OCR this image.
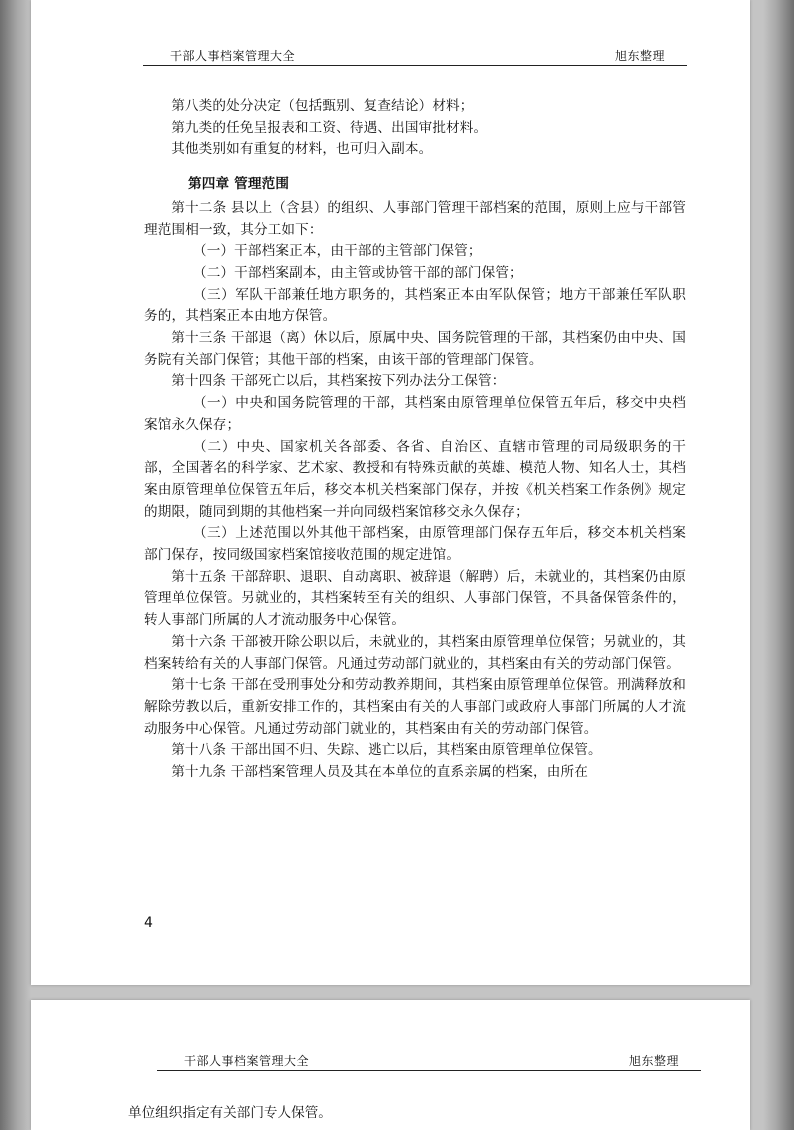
干部人事档案管理大全	旭东整理

第八类的处分决定（包括甄别、复查结论）材料；

第九类的任免呈报表和工资、待遇、出国审批材料。

其他类别如有重复的材料，也可归入副本。

第四章 管理范围

第十二条 县以上（含县）的组织、人事部门管理干部档案的范围，原则上应与干部管理范围相一致，其分工如下：

（一）干部档案正本，由干部的主管部门保管；

（二）干部档案副本，由主管或协管干部的部门保管；

（三）军队干部兼任地方职务的，其档案正本由军队保管；地方干部兼任军队职务的，其档案正本由地方保管。

第十三条 干部退（离）休以后，原属中央、国务院管理的干部，其档案仍由中央、国务院有关部门保管；其他干部的档案，由该干部的管理部门保管。

第十四条 干部死亡以后，其档案按下列办法分工保管：

（一）中央和国务院管理的干部，其档案由原管理单位保管五年后，移交中央档案馆永久保存；

（二）中央、国家机关各部委、各省、自治区、直辖市管理的司局级职务的干部，全国著名的科学家、艺术家、教授和有特殊贡献的英雄、模范人物、知名人士，其档案由原管理单位保管五年后，移交本机关档案部门保存，并按《机关档案工作条例》规定的期限，随同到期的其他档案一并向同级档案馆移交永久保存；

（三）上述范围以外其他干部档案，由原管理部门保存五年后，移交本机关档案部门保存，按同级国家档案馆接收范围的规定进馆。

第十五条 干部辞职、退职、自动离职、被辞退（解聘）后，未就业的，其档案仍由原管理单位保管。另就业的，其档案转至有关的组织、人事部门保管，不具备保管条件的，转人事部门所属的人才流动服务中心保管。

第十六条 干部被开除公职以后，未就业的，其档案由原管理单位保管；另就业的，其档案转给有关的人事部门保管。凡通过劳动部门就业的，其档案由有关的劳动部门保管。

第十七条 干部在受刑事处分和劳动教养期间，其档案由原管理单位保管。刑满释放和解除劳教以后，重新安排工作的，其档案由有关的人事部门或政府人事部门所属的人才流动服务中心保管。凡通过劳动部门就业的，其档案由有关的劳动部门保管。

第十八条 干部出国不归、失踪、逃亡以后，其档案由原管理单位保管。

第十九条 干部档案管理人员及其在本单位的直系亲属的档案，由所在

4
干部人事档案管理大全	旭东整理
单位组织指定有关部门专人保管。
